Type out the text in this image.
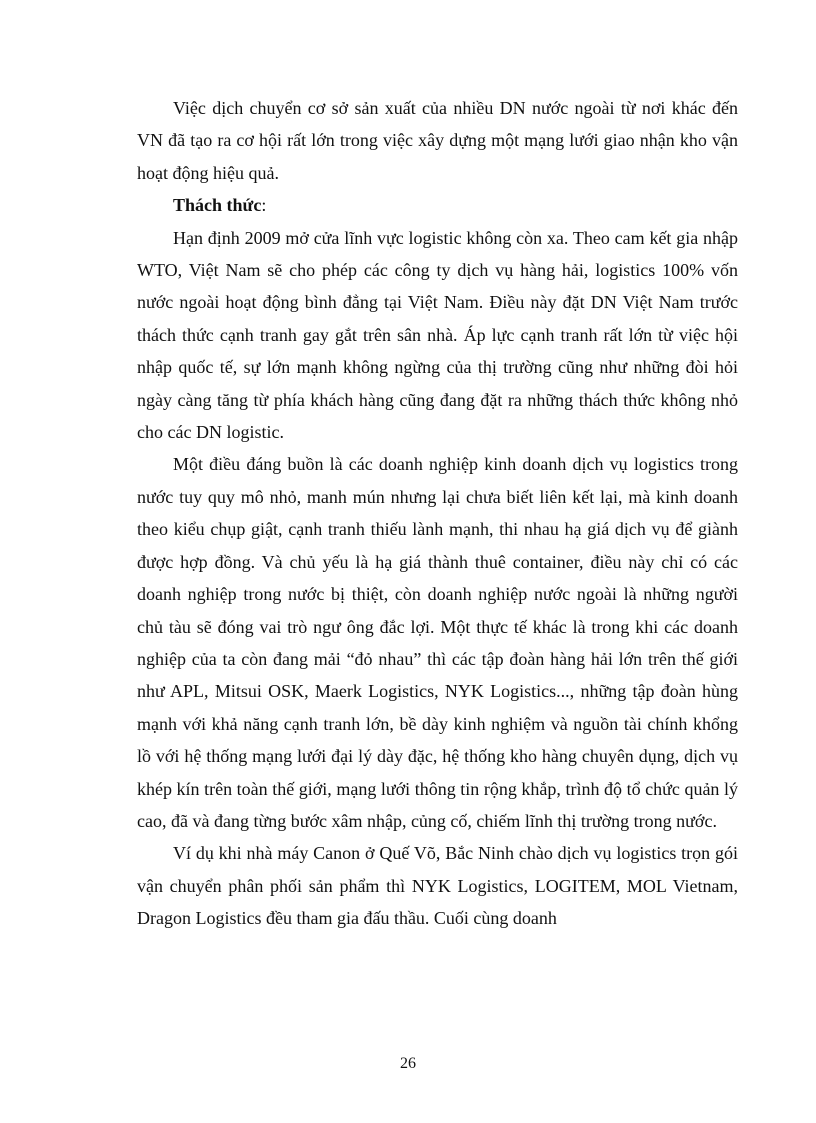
Việc dịch chuyển cơ sở sản xuất của nhiều DN nước ngoài từ nơi khác đến VN đã tạo ra cơ hội rất lớn trong việc xây dựng một mạng lưới giao nhận kho vận hoạt động hiệu quả.

Thách thức:

Hạn định 2009 mở cửa lĩnh vực logistic không còn xa. Theo cam kết gia nhập WTO, Việt Nam sẽ cho phép các công ty dịch vụ hàng hải, logistics 100% vốn nước ngoài hoạt động bình đẳng tại Việt Nam. Điều này đặt DN Việt Nam trước thách thức cạnh tranh gay gắt trên sân nhà. Áp lực cạnh tranh rất lớn từ việc hội nhập quốc tế, sự lớn mạnh không ngừng của thị trường cũng như những đòi hỏi ngày càng tăng từ phía khách hàng cũng đang đặt ra những thách thức không nhỏ cho các DN logistic.

Một điều đáng buồn là các doanh nghiệp kinh doanh dịch vụ logistics trong nước tuy quy mô nhỏ, manh mún nhưng lại chưa biết liên kết lại, mà kinh doanh theo kiểu chụp giật, cạnh tranh thiếu lành mạnh, thi nhau hạ giá dịch vụ để giành được hợp đồng. Và chủ yếu là hạ giá thành thuê container, điều này chỉ có các doanh nghiệp trong nước bị thiệt, còn doanh nghiệp nước ngoài là những người chủ tàu sẽ đóng vai trò ngư ông đắc lợi. Một thực tế khác là trong khi các doanh nghiệp của ta còn đang mải “đỏ nhau” thì các tập đoàn hàng hải lớn trên thế giới như APL, Mitsui OSK, Maerk Logistics, NYK Logistics..., những tập đoàn hùng mạnh với khả năng cạnh tranh lớn, bề dày kinh nghiệm và nguồn tài chính khổng lồ với hệ thống mạng lưới đại lý dày đặc, hệ thống kho hàng chuyên dụng, dịch vụ khép kín trên toàn thế giới, mạng lưới thông tin rộng khắp, trình độ tổ chức quản lý cao, đã và đang từng bước xâm nhập, củng cố, chiếm lĩnh thị trường trong nước.

Ví dụ khi nhà máy Canon ở Quế Võ, Bắc Ninh chào dịch vụ logistics trọn gói vận chuyển phân phối sản phẩm thì NYK Logistics, LOGITEM, MOL Vietnam, Dragon Logistics đều tham gia đấu thầu. Cuối cùng doanh

26
